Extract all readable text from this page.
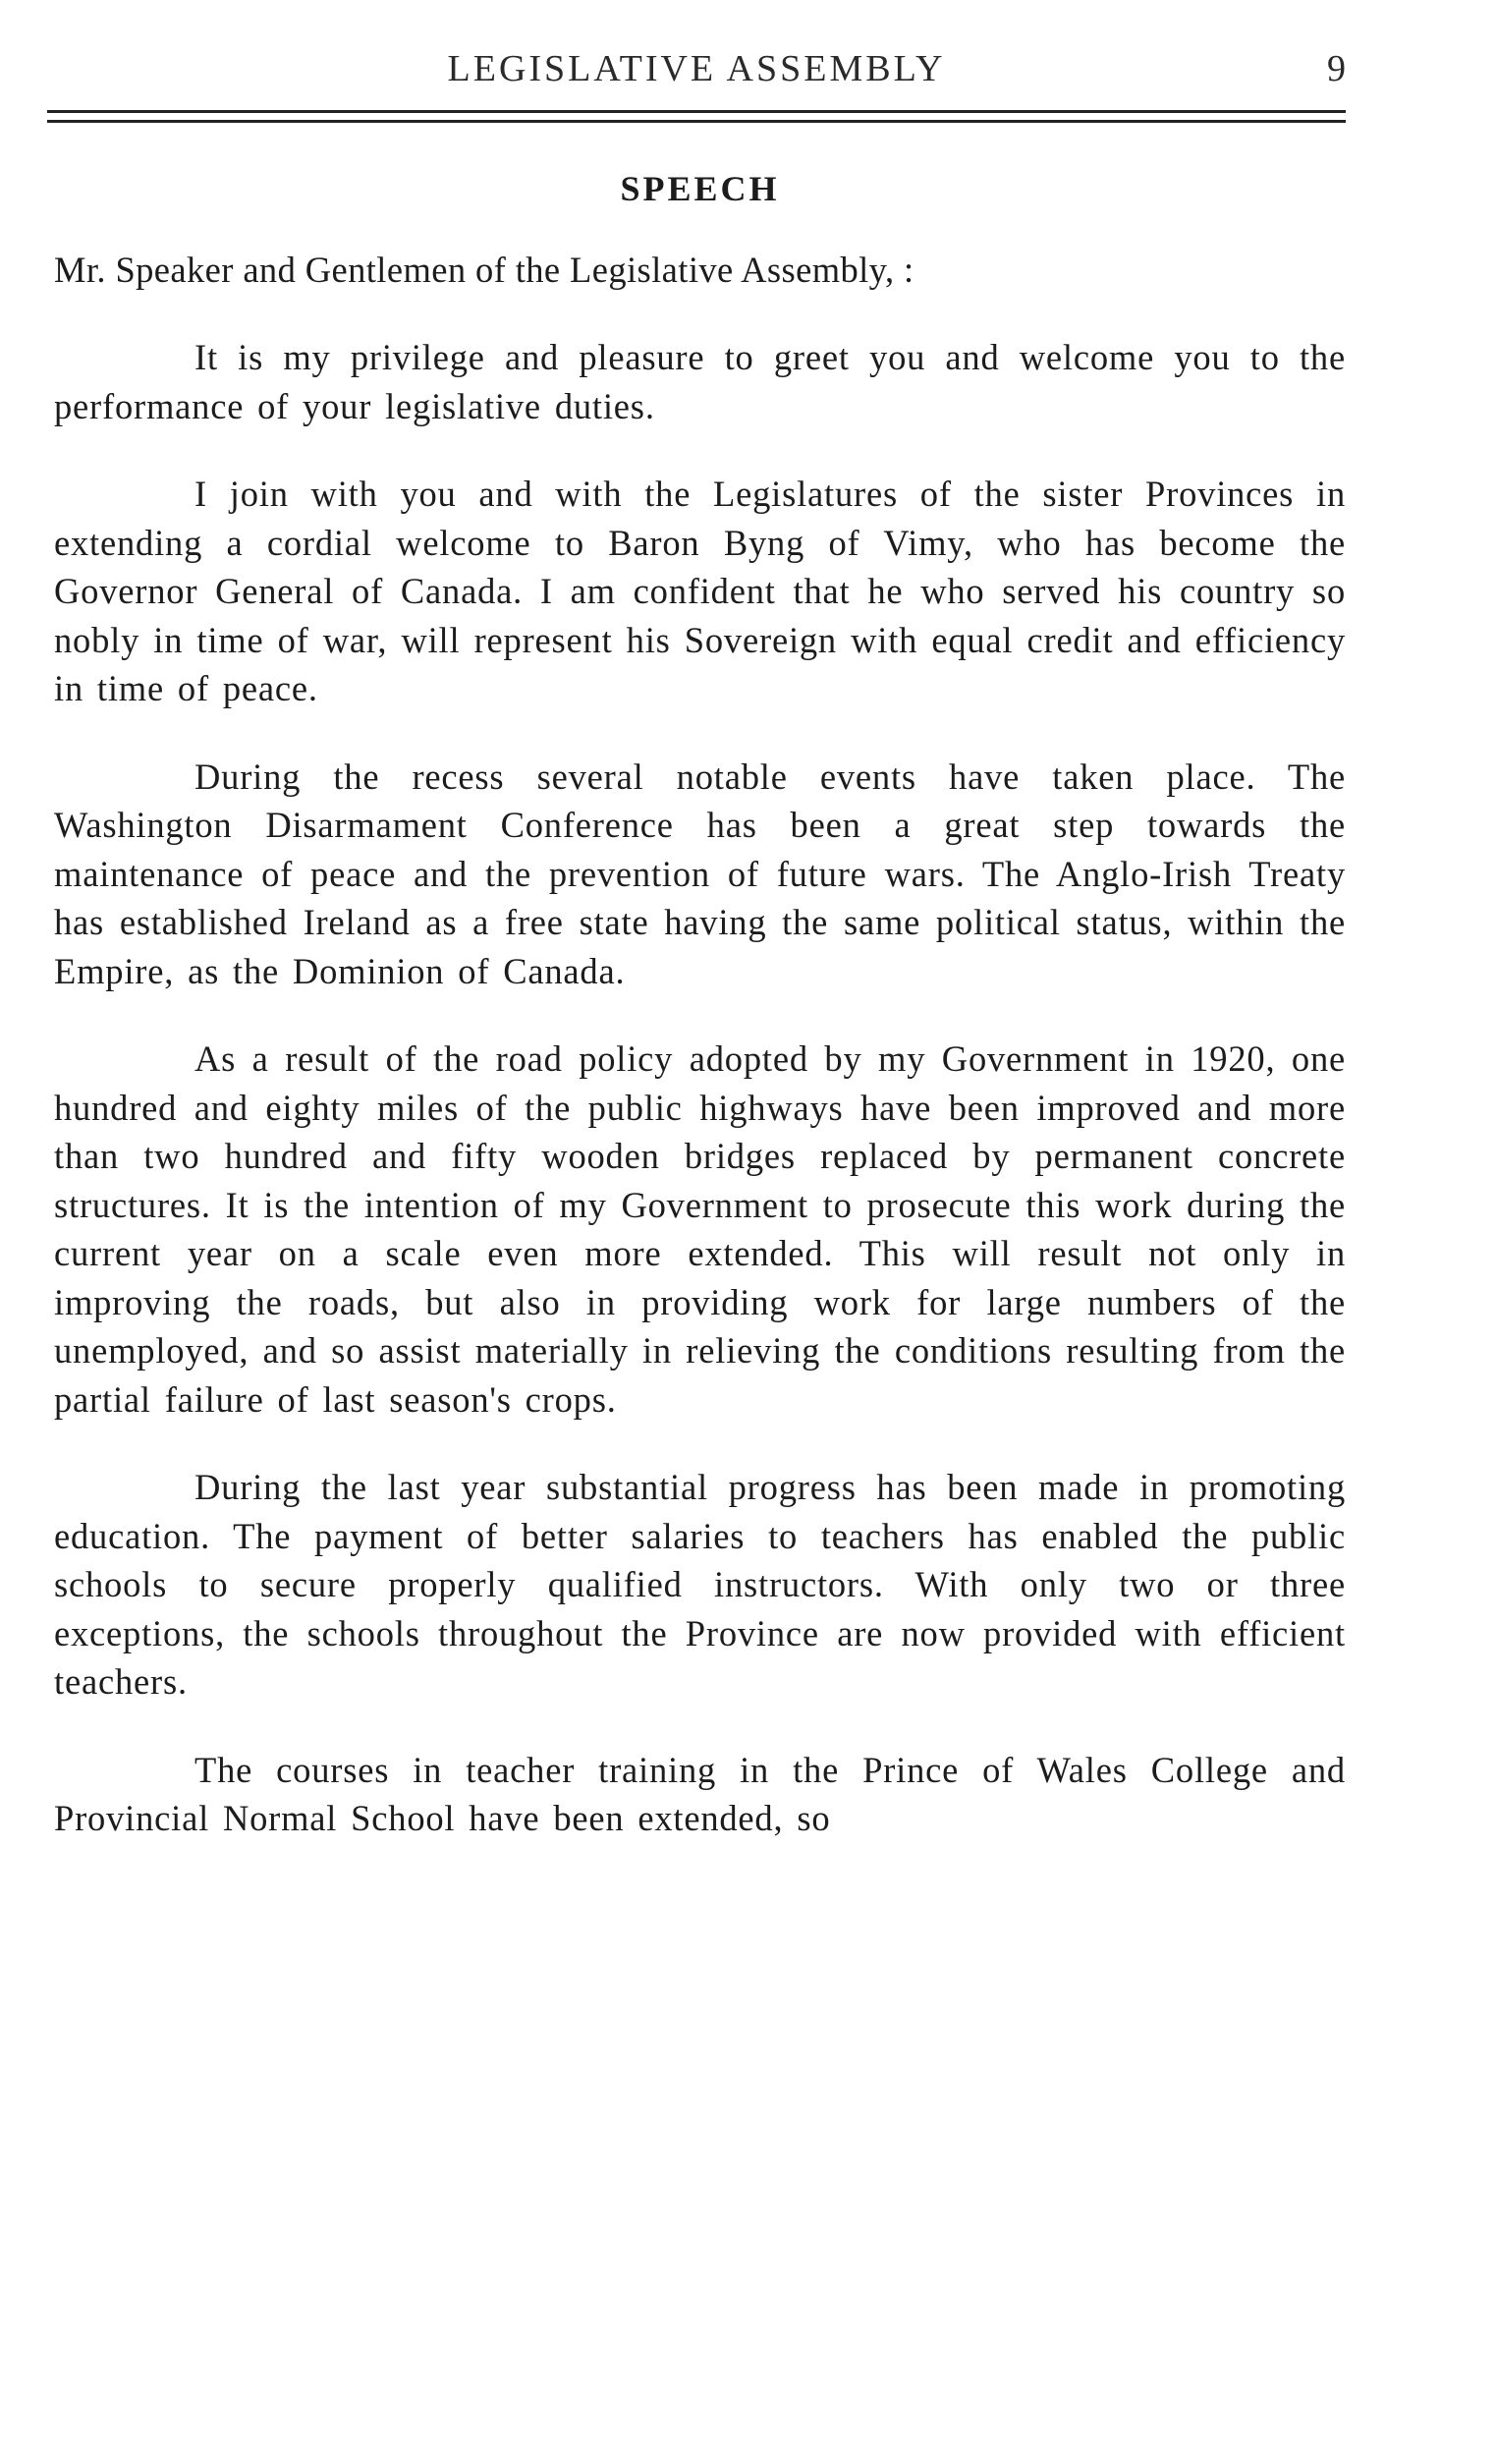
LEGISLATIVE ASSEMBLY	9
SPEECH
Mr. Speaker and Gentlemen of the Legislative Assembly, :

It is my privilege and pleasure to greet you and welcome you to the performance of your legislative duties.

I join with you and with the Legislatures of the sister Provinces in extending a cordial welcome to Baron Byng of Vimy, who has become the Governor General of Canada. I am confident that he who served his country so nobly in time of war, will represent his Sovereign with equal credit and efficiency in time of peace.

During the recess several notable events have taken place. The Washington Disarmament Conference has been a great step towards the maintenance of peace and the prevention of future wars. The Anglo-Irish Treaty has established Ireland as a free state having the same political status, within the Empire, as the Dominion of Canada.

As a result of the road policy adopted by my Government in 1920, one hundred and eighty miles of the public highways have been improved and more than two hundred and fifty wooden bridges replaced by permanent concrete structures. It is the intention of my Government to prosecute this work during the current year on a scale even more extended. This will result not only in improving the roads, but also in providing work for large numbers of the unemployed, and so assist materially in relieving the conditions resulting from the partial failure of last season's crops.

During the last year substantial progress has been made in promoting education. The payment of better salaries to teachers has enabled the public schools to secure properly qualified instructors. With only two or three exceptions, the schools throughout the Province are now provided with efficient teachers.

The courses in teacher training in the Prince of Wales College and Provincial Normal School have been extended, so
